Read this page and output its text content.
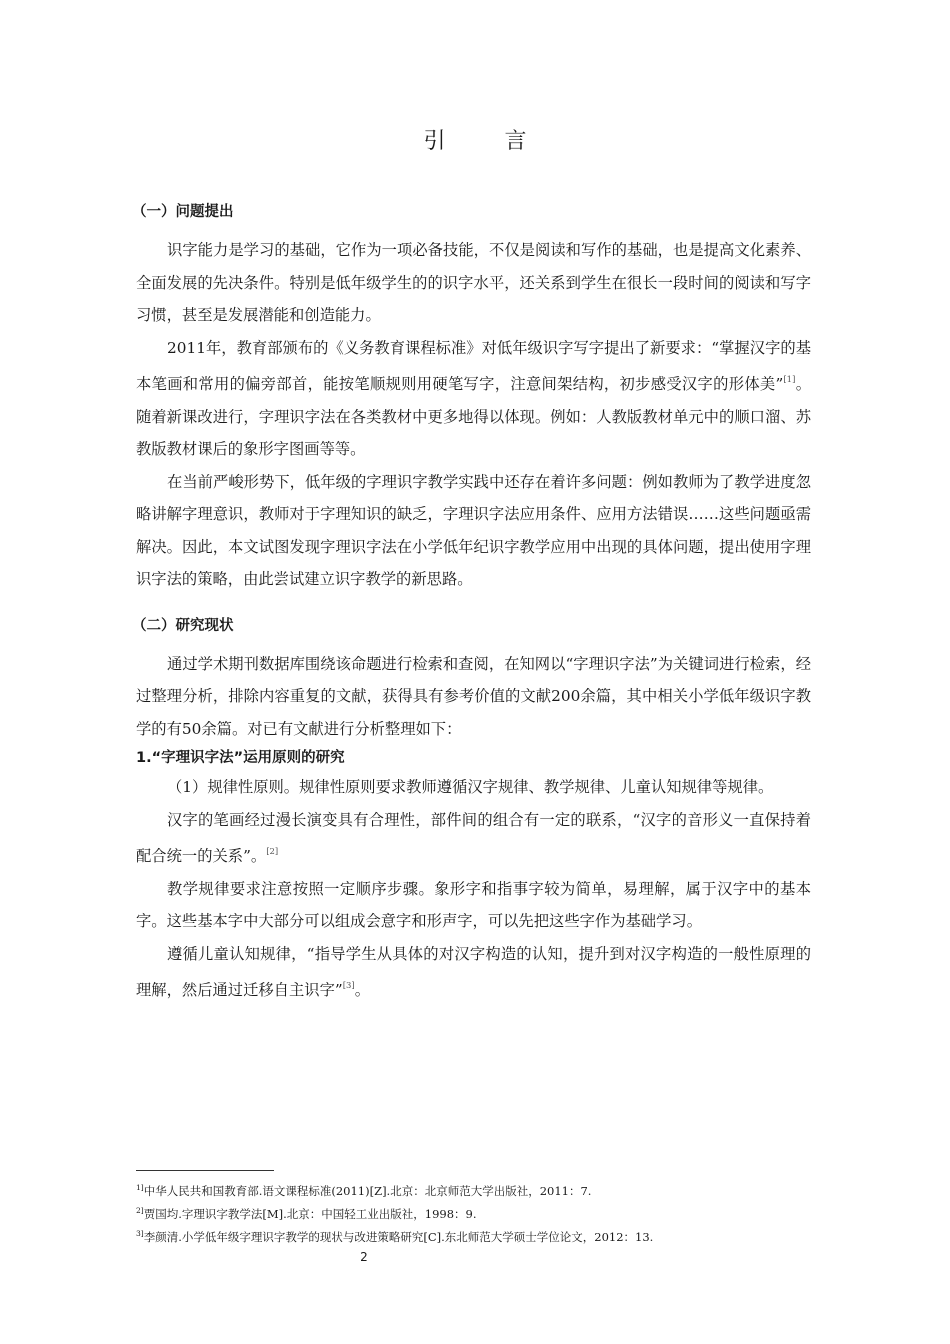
引 言
（一）问题提出

识字能力是学习的基础，它作为一项必备技能，不仅是阅读和写作的基础，也是提高文化素养、全面发展的先决条件。特别是低年级学生的的识字水平，还关系到学生在很长一段时间的阅读和写字习惯，甚至是发展潜能和创造能力。

2011年，教育部颁布的《义务教育课程标准》对低年级识字写字提出了新要求：“掌握汉字的基本笔画和常用的偏旁部首，能按笔顺规则用硬笔写字，注意间架结构，初步感受汉字的形体美”[1]。随着新课改进行，字理识字法在各类教材中更多地得以体现。例如：人教版教材单元中的顺口溜、苏教版教材课后的象形字图画等等。

在当前严峻形势下，低年级的字理识字教学实践中还存在着许多问题：例如教师为了教学进度忽略讲解字理意识，教师对于字理知识的缺乏，字理识字法应用条件、应用方法错误……这些问题亟需解决。因此，本文试图发现字理识字法在小学低年纪识字教学应用中出现的具体问题，提出使用字理识字法的策略，由此尝试建立识字教学的新思路。

（二）研究现状

通过学术期刊数据库围绕该命题进行检索和查阅，在知网以“字理识字法”为关键词进行检索，经过整理分析，排除内容重复的文献，获得具有参考价值的文献200余篇，其中相关小学低年级识字教学的有50余篇。对已有文献进行分析整理如下：

1.“字理识字法”运用原则的研究

（1）规律性原则。规律性原则要求教师遵循汉字规律、教学规律、儿童认知规律等规律。

汉字的笔画经过漫长演变具有合理性，部件间的组合有一定的联系，“汉字的音形义一直保持着配合统一的关系”。[2]

教学规律要求注意按照一定顺序步骤。象形字和指事字较为简单，易理解，属于汉字中的基本字。这些基本字中大部分可以组成会意字和形声字，可以先把这些字作为基础学习。

遵循儿童认知规律，“指导学生从具体的对汉字构造的认知，提升到对汉字构造的一般性原理的理解，然后通过迁移自主识字”[3]。

$^{1]}$中华人民共和国教育部.语文课程标准(2011)[Z].北京：北京师范大学出版社，2011：7.
$^{2]}$贾国均.字理识字教学法[M].北京：中国轻工业出版社，1998：9.
$^{3]}$李颜清.小学低年级字理识字教学的现状与改进策略研究[C].东北师范大学硕士学位论文，2012：13.
2
